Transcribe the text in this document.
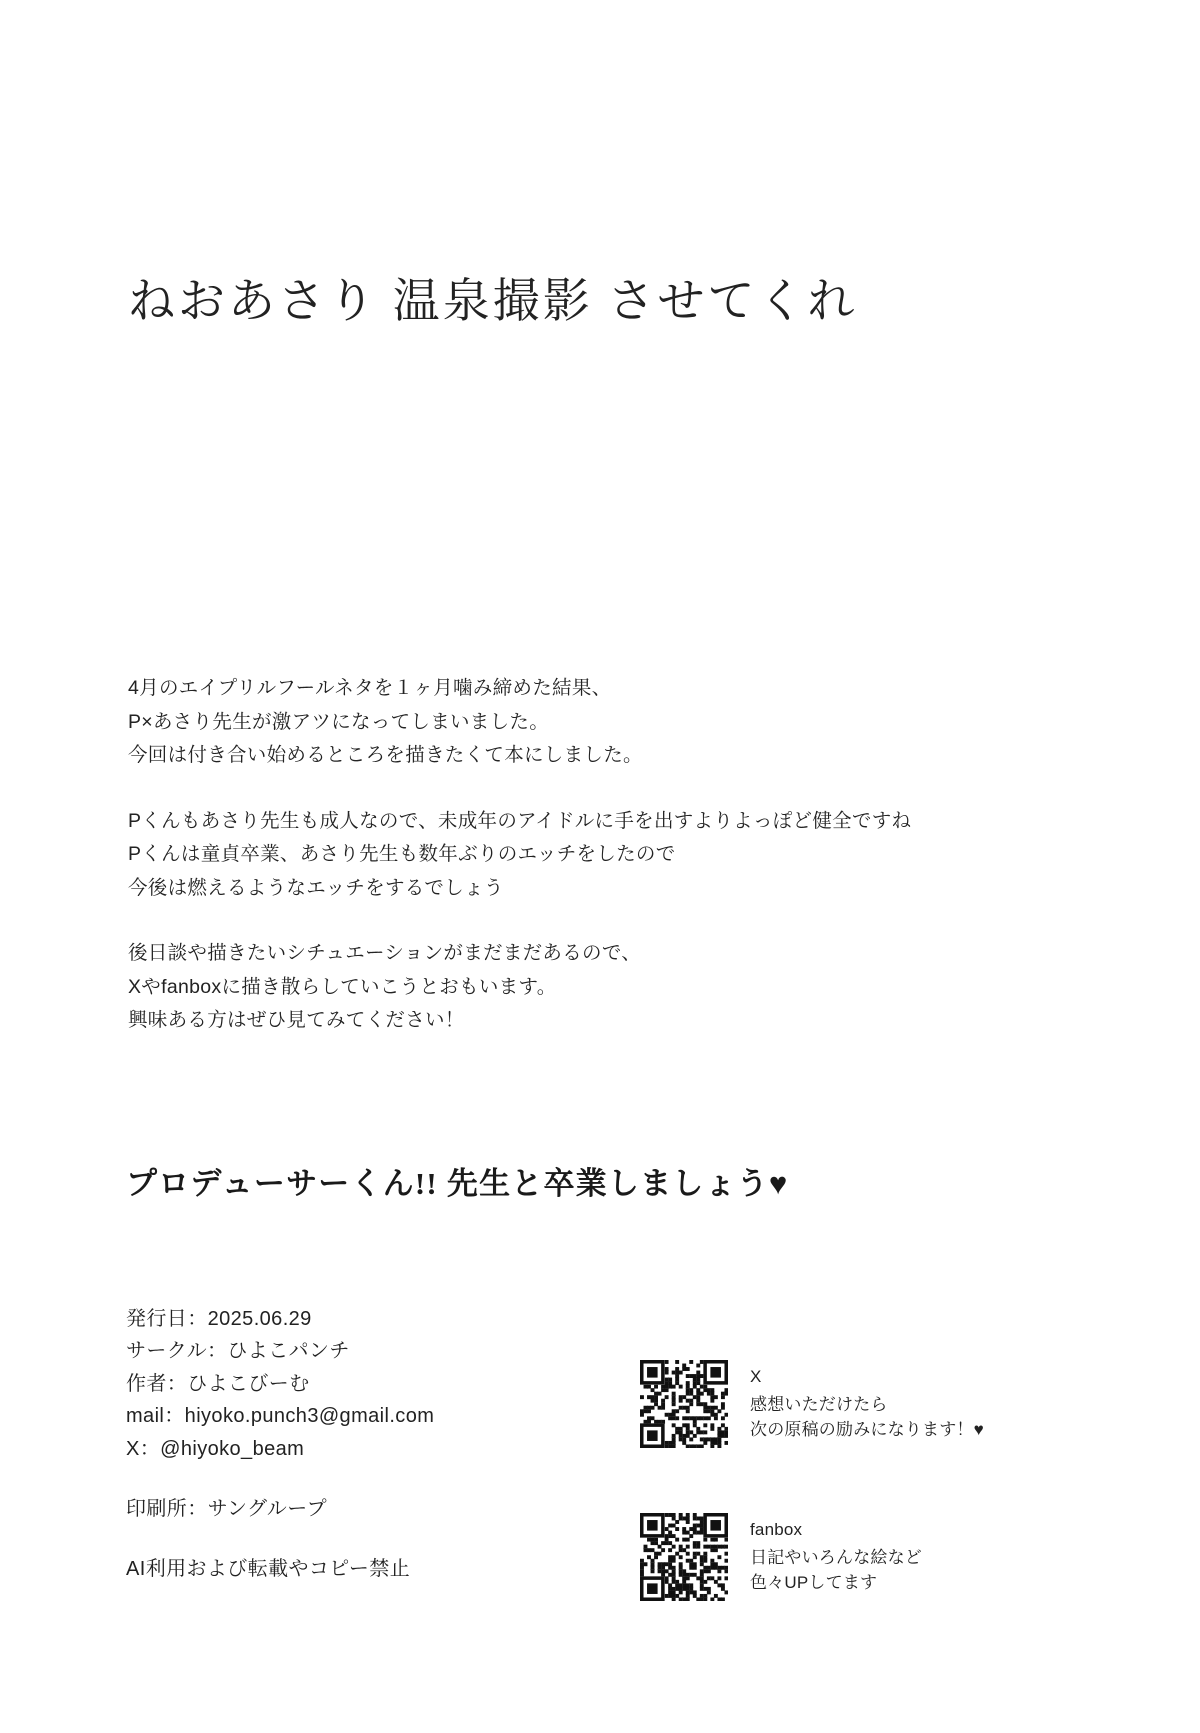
ねおあさり 温泉撮影 させてくれ

4月のエイプリルフールネタを１ヶ月噛み締めた結果、
P×あさり先生が激アツになってしまいました。
今回は付き合い始めるところを描きたくて本にしました。

Pくんもあさり先生も成人なので、未成年のアイドルに手を出すよりよっぽど健全ですね
Pくんは童貞卒業、あさり先生も数年ぶりのエッチをしたので
今後は燃えるようなエッチをするでしょう

後日談や描きたいシチュエーションがまだまだあるので、
Xやfanboxに描き散らしていこうとおもいます。
興味ある方はぜひ見てみてください！

プロデューサーくん!! 先生と卒業しましょう♥
発行日：2025.06.29
サークル：ひよこパンチ
作者：ひよこびーむ
mail：hiyoko.punch3@gmail.com
X：@hiyoko_beam
印刷所：サングループ
AI利用および転載やコピー禁止
X
感想いただけたら
次の原稿の励みになります！♥
fanbox
日記やいろんな絵など
色々UPしてます
